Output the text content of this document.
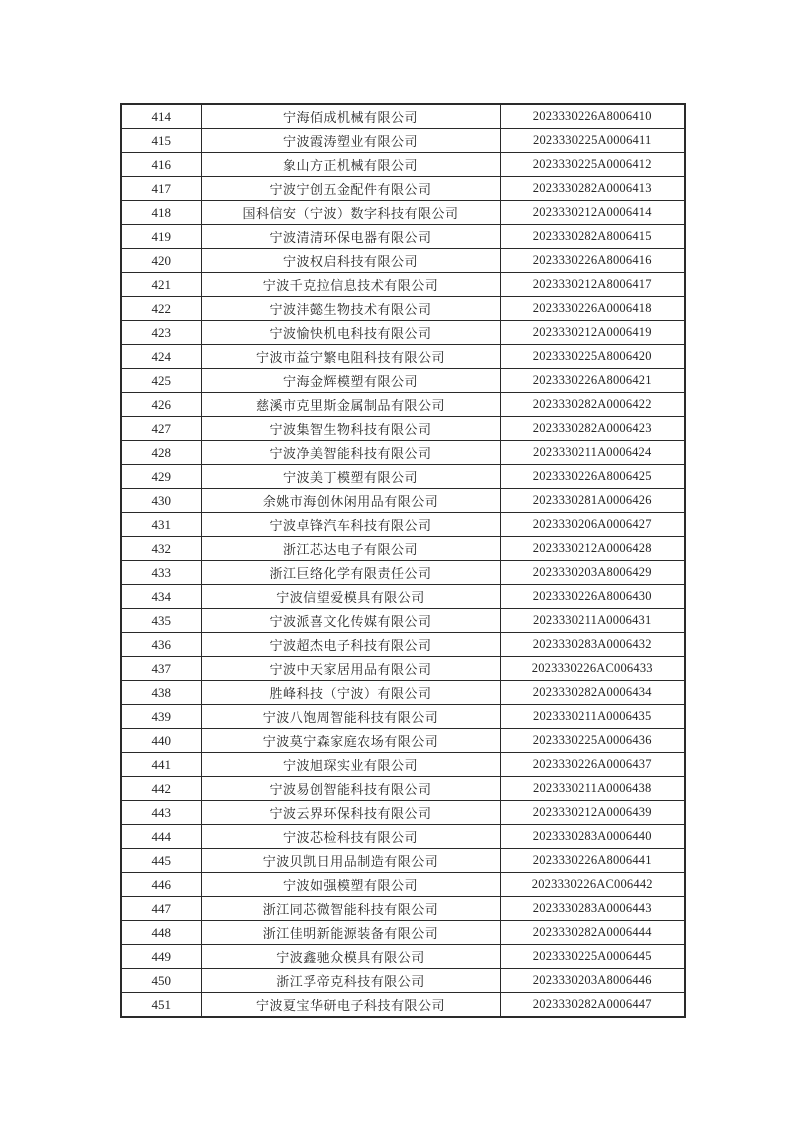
414	宁海佰成机械有限公司	2023330226A8006410
415	宁波霞涛塑业有限公司	2023330225A0006411
416	象山方正机械有限公司	2023330225A0006412
417	宁波宁创五金配件有限公司	2023330282A0006413
418	国科信安（宁波）数字科技有限公司	2023330212A0006414
419	宁波清清环保电器有限公司	2023330282A8006415
420	宁波权启科技有限公司	2023330226A8006416
421	宁波千克拉信息技术有限公司	2023330212A8006417
422	宁波沣懿生物技术有限公司	2023330226A0006418
423	宁波愉快机电科技有限公司	2023330212A0006419
424	宁波市益宁繁电阻科技有限公司	2023330225A8006420
425	宁海金辉模塑有限公司	2023330226A8006421
426	慈溪市克里斯金属制品有限公司	2023330282A0006422
427	宁波集智生物科技有限公司	2023330282A0006423
428	宁波净美智能科技有限公司	2023330211A0006424
429	宁波美丁模塑有限公司	2023330226A8006425
430	余姚市海创休闲用品有限公司	2023330281A0006426
431	宁波卓锋汽车科技有限公司	2023330206A0006427
432	浙江芯达电子有限公司	2023330212A0006428
433	浙江巨络化学有限责任公司	2023330203A8006429
434	宁波信望爱模具有限公司	2023330226A8006430
435	宁波派喜文化传媒有限公司	2023330211A0006431
436	宁波超杰电子科技有限公司	2023330283A0006432
437	宁波中天家居用品有限公司	2023330226AC006433
438	胜峰科技（宁波）有限公司	2023330282A0006434
439	宁波八饱周智能科技有限公司	2023330211A0006435
440	宁波莫宁森家庭农场有限公司	2023330225A0006436
441	宁波旭琛实业有限公司	2023330226A0006437
442	宁波易创智能科技有限公司	2023330211A0006438
443	宁波云界环保科技有限公司	2023330212A0006439
444	宁波芯检科技有限公司	2023330283A0006440
445	宁波贝凯日用品制造有限公司	2023330226A8006441
446	宁波如强模塑有限公司	2023330226AC006442
447	浙江同芯微智能科技有限公司	2023330283A0006443
448	浙江佳明新能源装备有限公司	2023330282A0006444
449	宁波鑫驰众模具有限公司	2023330225A0006445
450	浙江孚帝克科技有限公司	2023330203A8006446
451	宁波夏宝华研电子科技有限公司	2023330282A0006447
